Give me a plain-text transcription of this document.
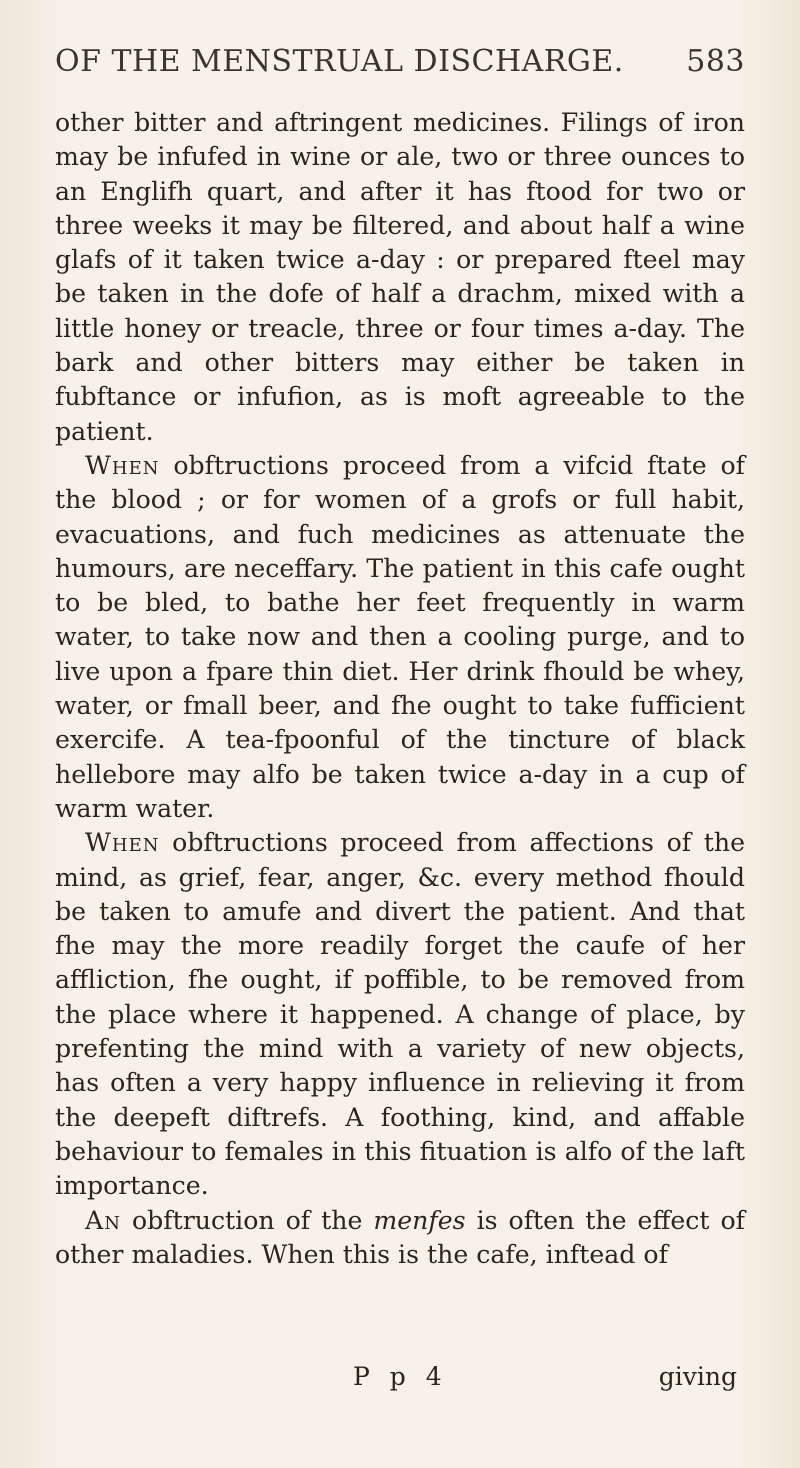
OF THE MENSTRUAL DISCHARGE. 583

other bitter and aftringent medicines. Filings of iron may be infufed in wine or ale, two or three ounces to an Englifh quart, and after it has ftood for two or three weeks it may be filtered, and about half a wine glafs of it taken twice a-day : or prepared fteel may be taken in the dofe of half a drachm, mixed with a little honey or treacle, three or four times a-day. The bark and other bitters may either be taken in fubftance or infufion, as is moft agreeable to the patient.

When obftructions proceed from a vifcid ftate of the blood ; or for women of a grofs or full habit, evacuations, and fuch medicines as attenuate the humours, are neceffary. The patient in this cafe ought to be bled, to bathe her feet frequently in warm water, to take now and then a cooling purge, and to live upon a fpare thin diet. Her drink fhould be whey, water, or fmall beer, and fhe ought to take fufficient exercife. A tea-fpoonful of the tincture of black hellebore may alfo be taken twice a-day in a cup of warm water.

When obftructions proceed from affections of the mind, as grief, fear, anger, &c. every method fhould be taken to amufe and divert the patient. And that fhe may the more readily forget the caufe of her affliction, fhe ought, if poffible, to be removed from the place where it happened. A change of place, by prefenting the mind with a variety of new objects, has often a very happy influence in relieving it from the deepeft diftrefs. A foothing, kind, and affable behaviour to females in this fituation is alfo of the laft importance.

An obftruction of the menfes is often the effect of other maladies. When this is the cafe, inftead of

P p 4	giving
